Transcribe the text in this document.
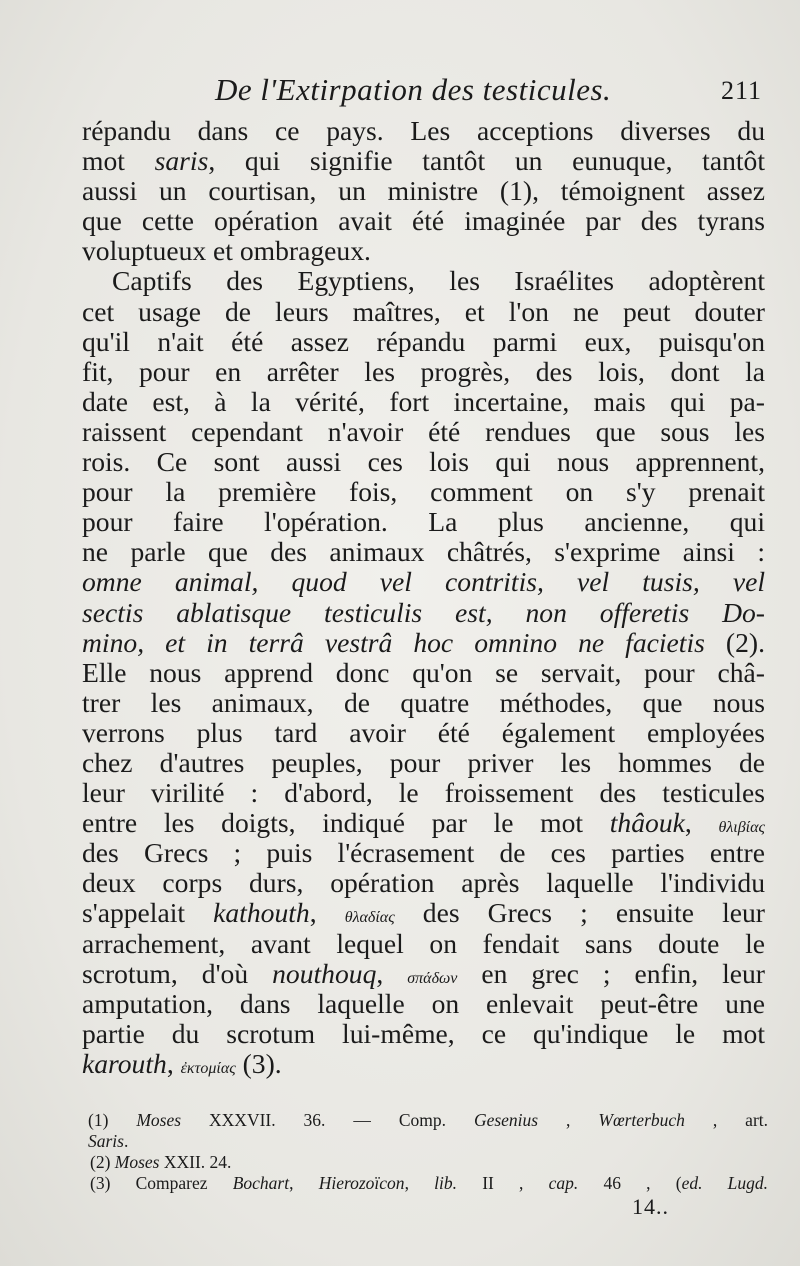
De l'Extirpation des testicules.	211
répandu dans ce pays. Les acceptions diverses du
mot saris, qui signifie tantôt un eunuque, tantôt
aussi un courtisan, un ministre (1), témoignent assez
que cette opération avait été imaginée par des tyrans
voluptueux et ombrageux.
Captifs des Egyptiens, les Israélites adoptèrent
cet usage de leurs maîtres, et l'on ne peut douter
qu'il n'ait été assez répandu parmi eux, puisqu'on
fit, pour en arrêter les progrès, des lois, dont la
date est, à la vérité, fort incertaine, mais qui pa-
raissent cependant n'avoir été rendues que sous les
rois. Ce sont aussi ces lois qui nous apprennent,
pour la première fois, comment on s'y prenait
pour faire l'opération. La plus ancienne, qui
ne parle que des animaux châtrés, s'exprime ainsi :
omne animal, quod vel contritis, vel tusis, vel
sectis ablatisque testiculis est, non offeretis Do-
mino, et in terrâ vestrâ hoc omnino ne facietis (2).
Elle nous apprend donc qu'on se servait, pour châ-
trer les animaux, de quatre méthodes, que nous
verrons plus tard avoir été également employées
chez d'autres peuples, pour priver les hommes de
leur virilité : d'abord, le froissement des testicules
entre les doigts, indiqué par le mot thâouk, θλιβίας
des Grecs ; puis l'écrasement de ces parties entre
deux corps durs, opération après laquelle l'individu
s'appelait kathouth, θλαδίας des Grecs ; ensuite leur
arrachement, avant lequel on fendait sans doute le
scrotum, d'où nouthouq, σπάδων en grec ; enfin, leur
amputation, dans laquelle on enlevait peut-être une
partie du scrotum lui-même, ce qu'indique le mot
karouth, ἐκτομίας (3).
(1) Moses XXXVII. 36. — Comp. Gesenius , Wœrterbuch , art.
Saris.
(2) Moses XXII. 24.
(3) Comparez Bochart, Hierozoïcon, lib. II , cap. 46 , (ed. Lugd.
14..
